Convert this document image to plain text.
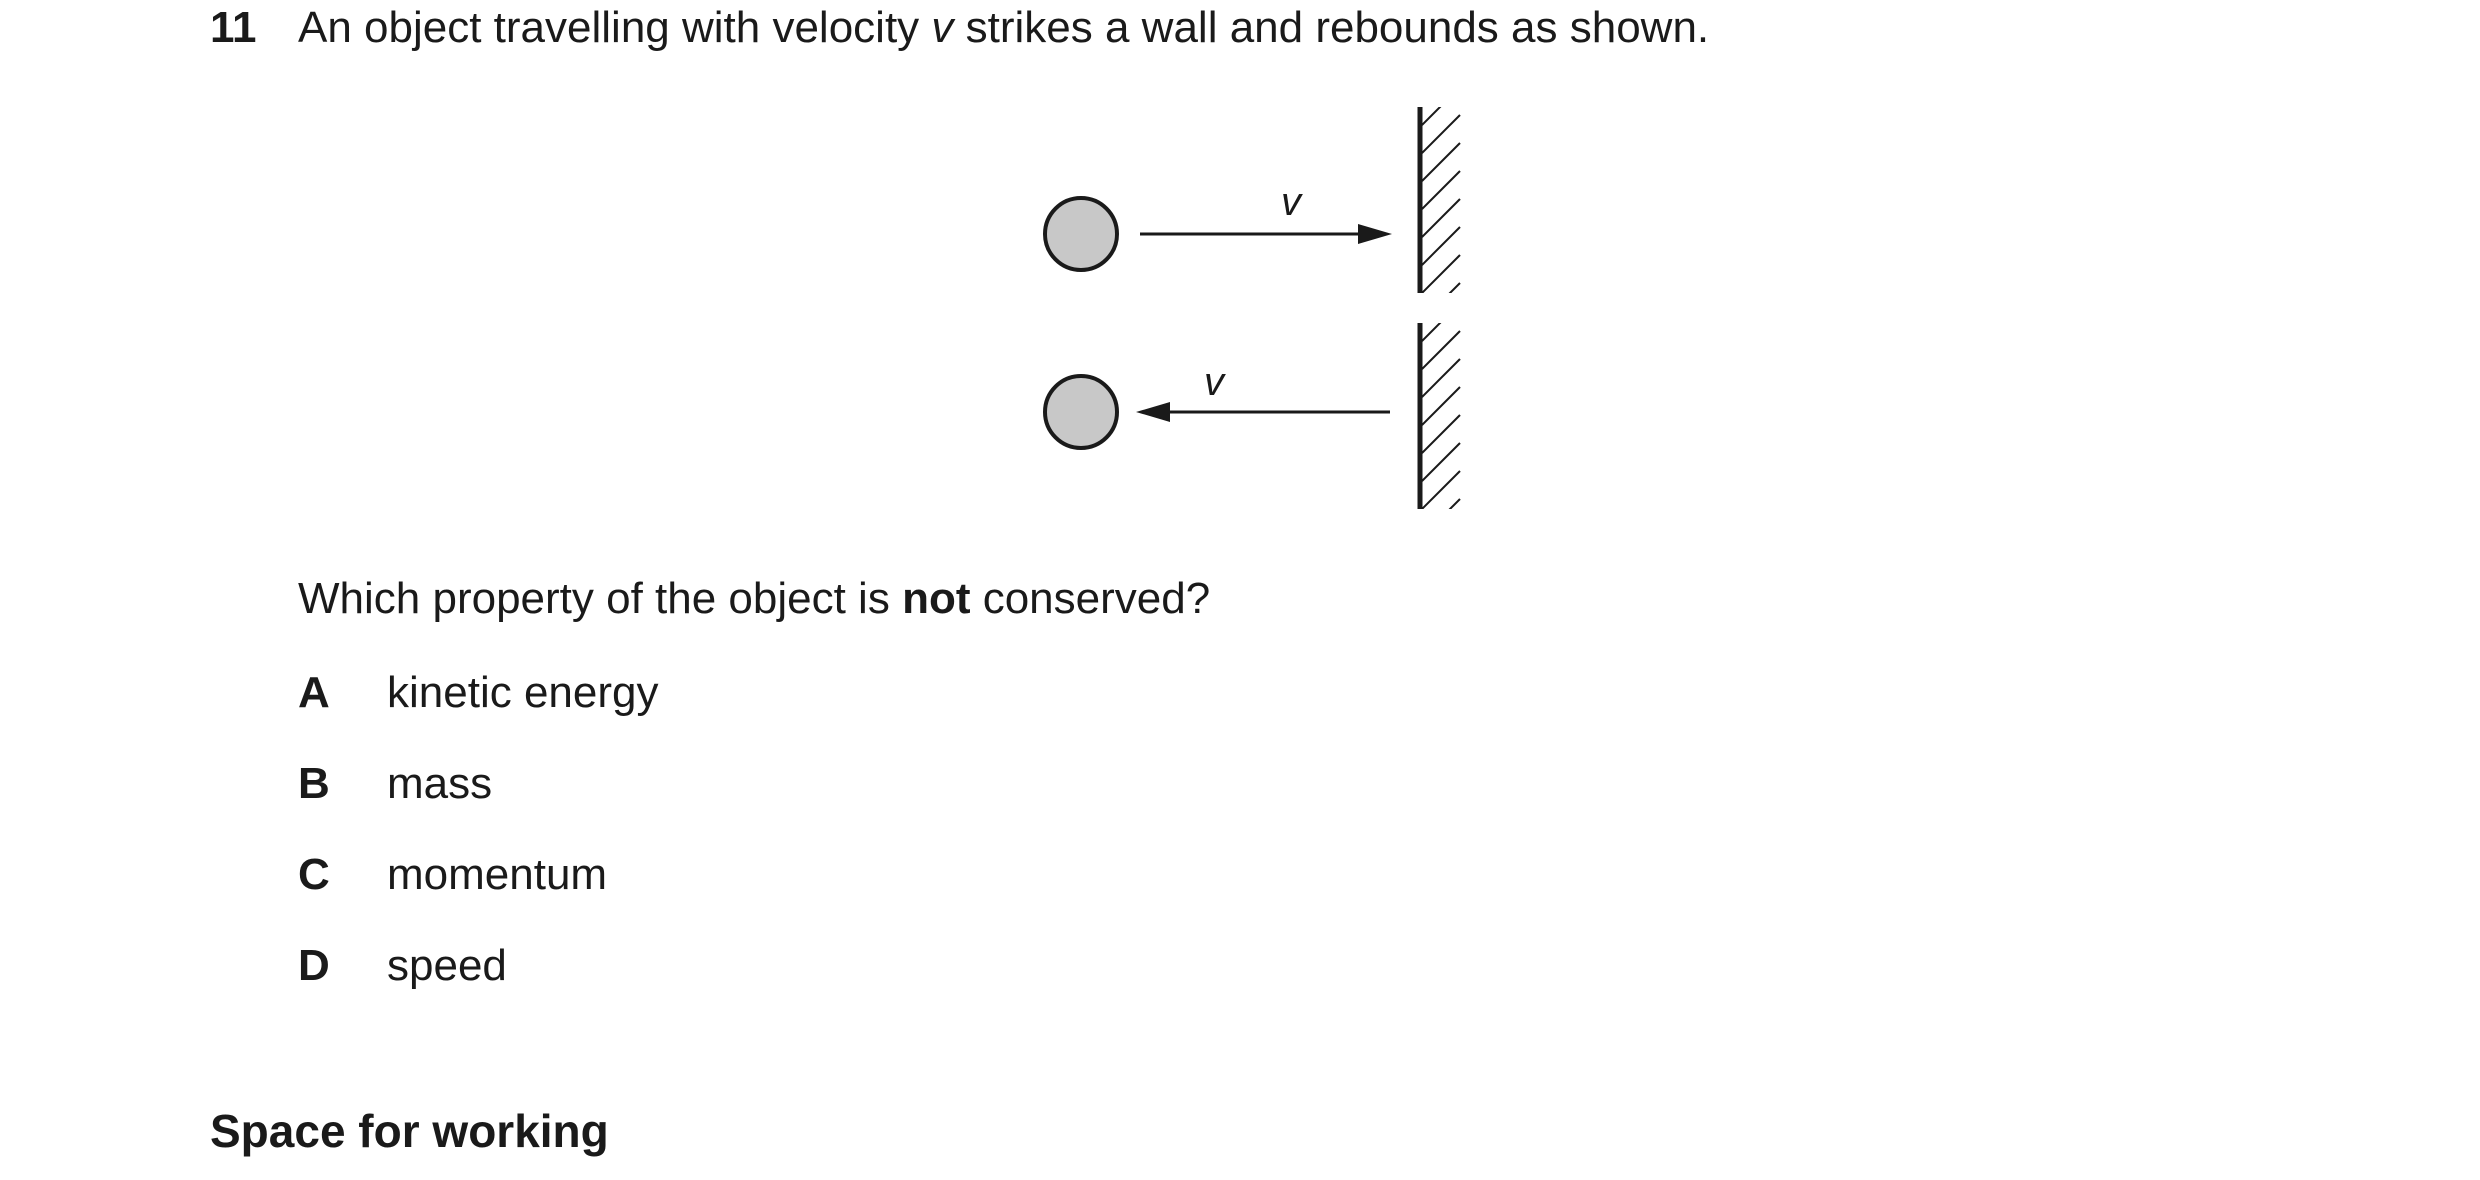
11 An object travelling with velocity v strikes a wall and rebounds as shown.
v
v
Which property of the object is not conserved?
A kinetic energy
B mass
C momentum
D speed
Space for working
